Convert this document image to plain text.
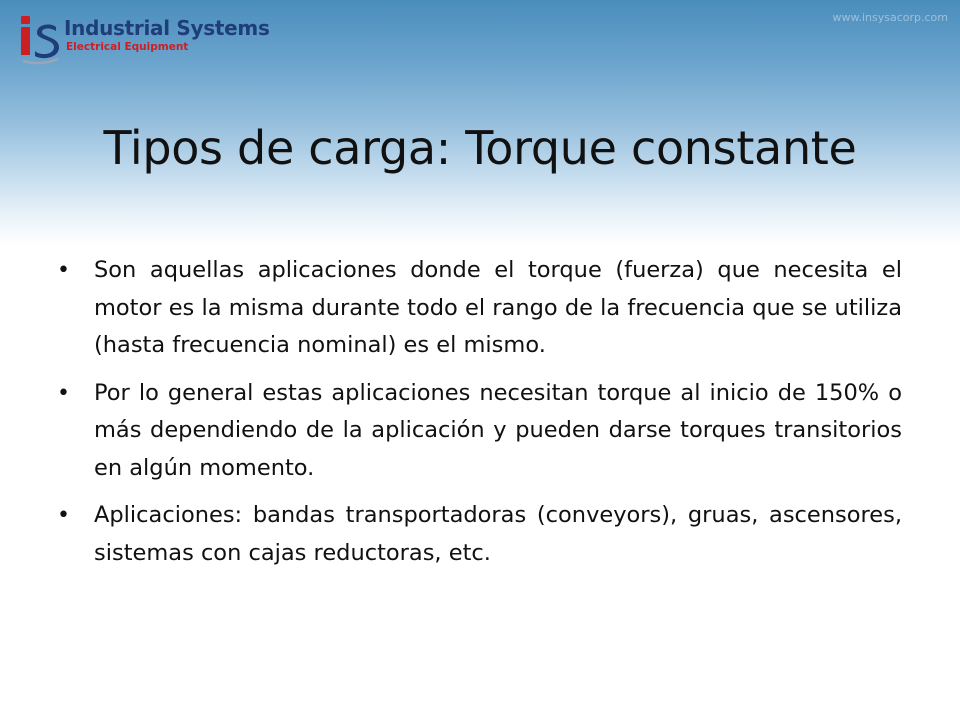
Industrial Systems
Electrical Equipment
www.insysacorp.com
Tipos de carga: Torque constante
• Son aquellas aplicaciones donde el torque (fuerza) que necesita el motor es la misma durante todo el rango de la frecuencia que se utiliza (hasta frecuencia nominal) es el mismo.
• Por lo general estas aplicaciones necesitan torque al inicio de 150% o más dependiendo de la aplicación y pueden darse torques transitorios en algún momento.
• Aplicaciones: bandas transportadoras (conveyors), gruas, ascensores, sistemas con cajas reductoras, etc.
